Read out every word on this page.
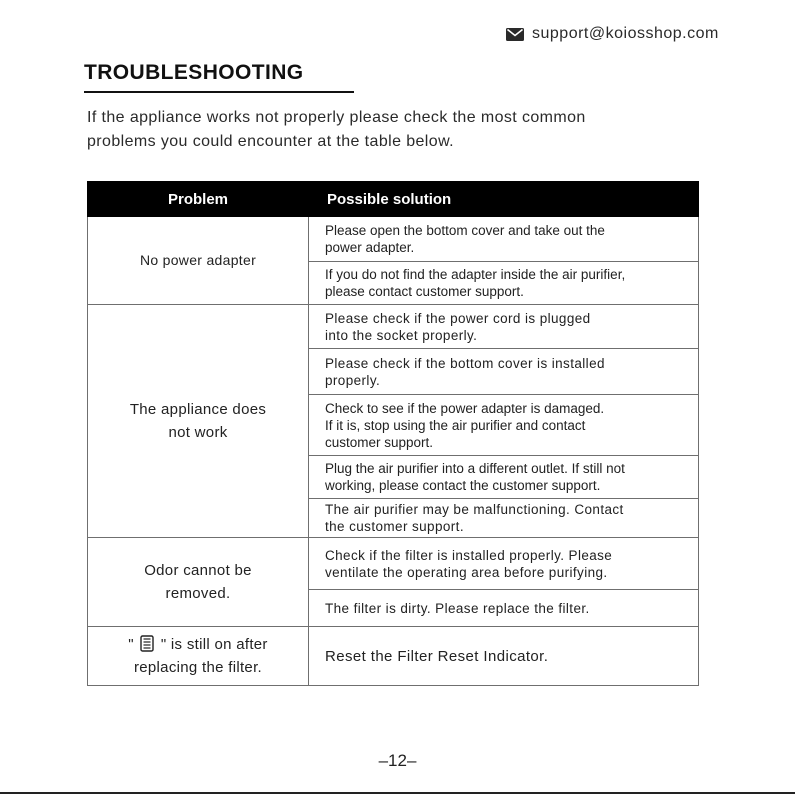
support@koiosshop.com
TROUBLESHOOTING
If the appliance works not properly please check the most common
problems you could encounter at the table below.
Problem	Possible solution
No power adapter	Please open the bottom cover and take out the
power adapter.
	If you do not find the adapter inside the air purifier,
please contact customer support.
The appliance does
not work	Please check if the power cord is plugged
into the socket properly.
	Please check if the bottom cover is installed
properly.
	Check to see if the power adapter is damaged.
If it is, stop using the air purifier and contact
customer support.
	Plug the air purifier into a different outlet. If still not
working, please contact the customer support.
	The air purifier may be malfunctioning. Contact
the customer support.
Odor cannot be
removed.	Check if the filter is installed properly. Please
ventilate the operating area before purifying.
	The filter is dirty. Please replace the filter.

" " is still on after
replacing the filter.	Reset the Filter Reset Indicator.
–12–
